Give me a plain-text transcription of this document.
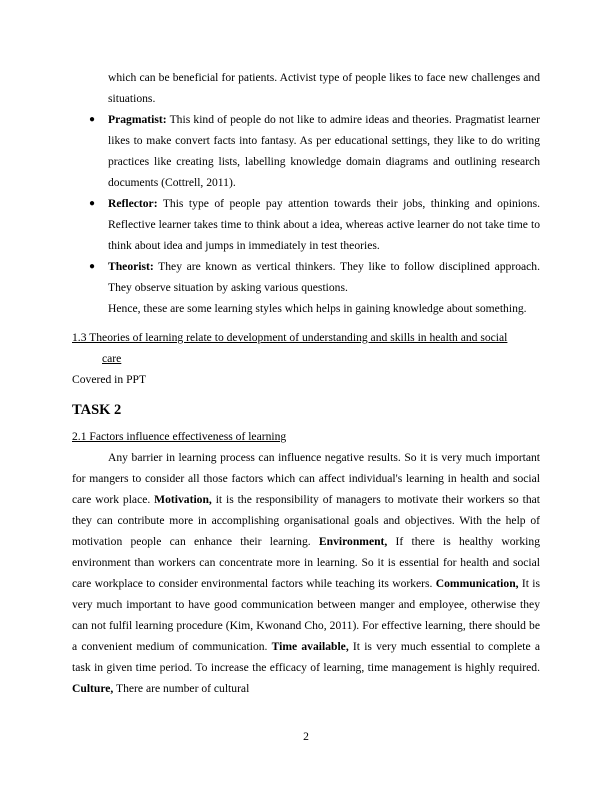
which can be beneficial for patients. Activist type of people likes to face new challenges and situations.

● Pragmatist: This kind of people do not like to admire ideas and theories. Pragmatist learner likes to make convert facts into fantasy. As per educational settings, they like to do writing practices like creating lists, labelling knowledge domain diagrams and outlining research documents (Cottrell, 2011).
● Reflector: This type of people pay attention towards their jobs, thinking and opinions. Reflective learner takes time to think about a idea, whereas active learner do not take time to think about idea and jumps in immediately in test theories.
● Theorist: They are known as vertical thinkers. They like to follow disciplined approach. They observe situation by asking various questions.

Hence, these are some learning styles which helps in gaining knowledge about something.

1.3 Theories of learning relate to development of understanding and skills in health and social
care

Covered in PPT

TASK 2

2.1 Factors influence effectiveness of learning

Any barrier in learning process can influence negative results. So it is very much important for mangers to consider all those factors which can affect individual's learning in health and social care work place. Motivation, it is the responsibility of managers to motivate their workers so that they can contribute more in accomplishing organisational goals and objectives. With the help of motivation people can enhance their learning. Environment, If there is healthy working environment than workers can concentrate more in learning. So it is essential for health and social care workplace to consider environmental factors while teaching its workers. Communication, It is very much important to have good communication between manger and employee, otherwise they can not fulfil learning procedure (Kim, Kwonand Cho, 2011). For effective learning, there should be a convenient medium of communication. Time available, It is very much essential to complete a task in given time period. To increase the efficacy of learning, time management is highly required. Culture, There are number of cultural

2
